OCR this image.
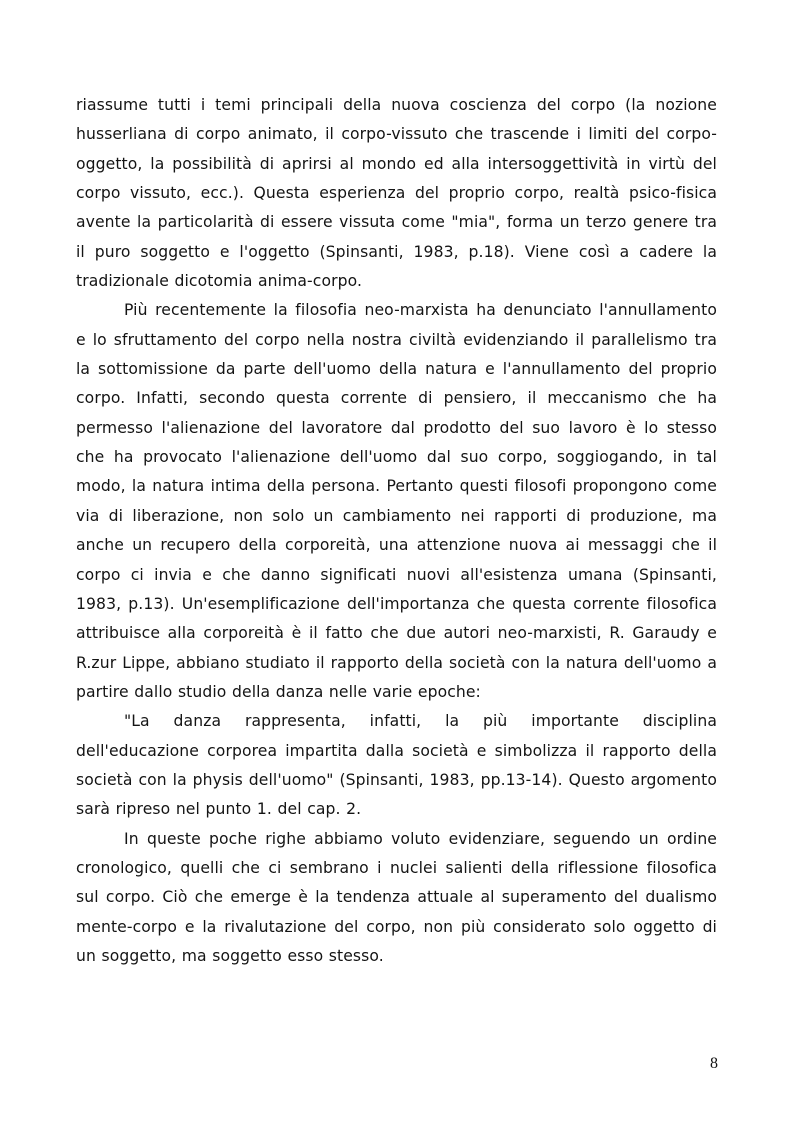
riassume tutti i temi principali della nuova coscienza del corpo (la nozione husserliana di corpo animato, il corpo-vissuto che trascende i limiti del corpo-oggetto, la possibilità di aprirsi al mondo ed alla intersoggettività in virtù del corpo vissuto, ecc.). Questa esperienza del proprio corpo, realtà psico-fisica avente la particolarità di essere vissuta come "mia", forma un terzo genere tra il puro soggetto e l'oggetto (Spinsanti, 1983, p.18). Viene così a cadere la tradizionale dicotomia anima-corpo.

Più recentemente la filosofia neo-marxista ha denunciato l'annullamento e lo sfruttamento del corpo nella nostra civiltà evidenziando il parallelismo tra la sottomissione da parte dell'uomo della natura e l'annullamento del proprio corpo. Infatti, secondo questa corrente di pensiero, il meccanismo che ha permesso l'alienazione del lavoratore dal prodotto del suo lavoro è lo stesso che ha provocato l'alienazione dell'uomo dal suo corpo, soggiogando, in tal modo, la natura intima della persona. Pertanto questi filosofi propongono come via di liberazione, non solo un cambiamento nei rapporti di produzione, ma anche un recupero della corporeità, una attenzione nuova ai messaggi che il corpo ci invia e che danno significati nuovi all'esistenza umana (Spinsanti, 1983, p.13). Un'esemplificazione dell'importanza che questa corrente filosofica attribuisce alla corporeità è il fatto che due autori neo-marxisti, R. Garaudy e R.zur Lippe, abbiano studiato il rapporto della società con la natura dell'uomo a partire dallo studio della danza nelle varie epoche:

"La danza rappresenta, infatti, la più importante disciplina dell'educazione corporea impartita dalla società e simbolizza il rapporto della società con la physis dell'uomo" (Spinsanti, 1983, pp.13-14). Questo argomento sarà ripreso nel punto 1. del cap. 2.

In queste poche righe abbiamo voluto evidenziare, seguendo un ordine cronologico, quelli che ci sembrano i nuclei salienti della riflessione filosofica sul corpo. Ciò che emerge è la tendenza attuale al superamento del dualismo mente-corpo e la rivalutazione del corpo, non più considerato solo oggetto di un soggetto, ma soggetto esso stesso.

8
